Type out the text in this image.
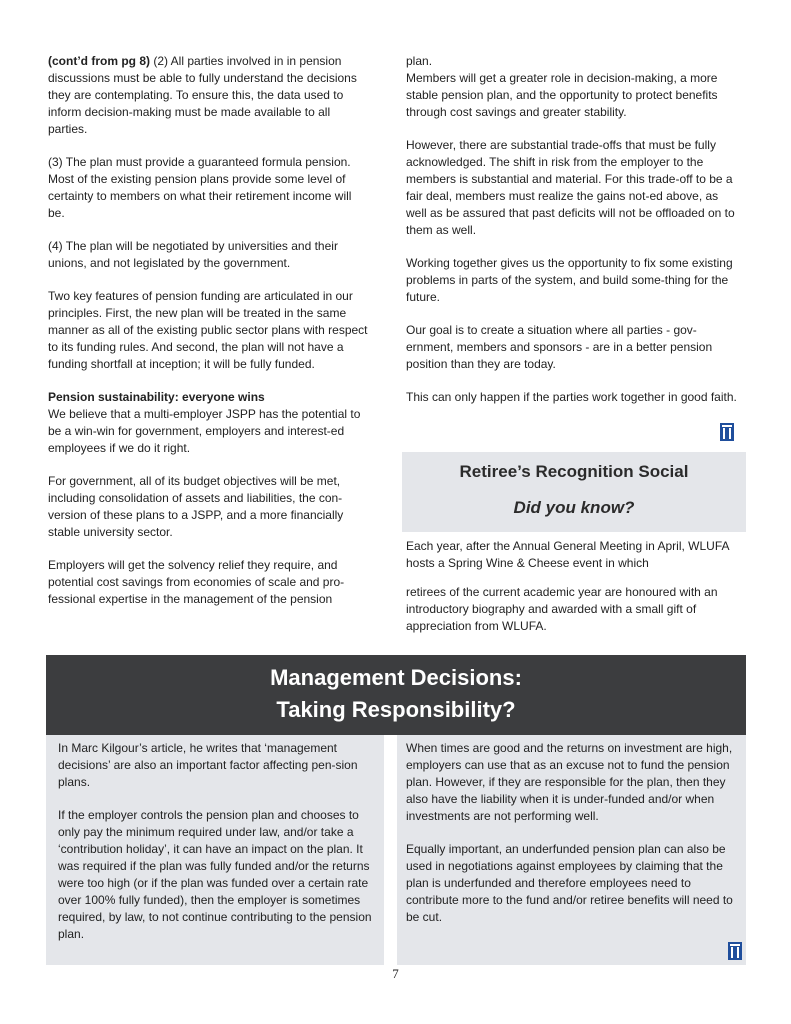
(cont’d from pg 8) (2) All parties involved in in pension discussions must be able to fully understand the decisions they are contemplating. To ensure this, the data used to inform decision-making must be made available to all parties.

(3) The plan must provide a guaranteed formula pension. Most of the existing pension plans provide some level of certainty to members on what their retirement income will be.

(4) The plan will be negotiated by universities and their unions, and not legislated by the government.

Two key features of pension funding are articulated in our principles. First, the new plan will be treated in the same manner as all of the existing public sector plans with respect to its funding rules. And second, the plan will not have a funding shortfall at inception; it will be fully funded.

Pension sustainability: everyone wins

We believe that a multi-employer JSPP has the potential to be a win-win for government, employers and interest-ed employees if we do it right.

For government, all of its budget objectives will be met, including consolidation of assets and liabilities, the con-version of these plans to a JSPP, and a more financially stable university sector.

Employers will get the solvency relief they require, and potential cost savings from economies of scale and pro-fessional expertise in the management of the pension

plan.

Members will get a greater role in decision-making, a more stable pension plan, and the opportunity to protect benefits through cost savings and greater stability.

However, there are substantial trade-offs that must be fully acknowledged. The shift in risk from the employer to the members is substantial and material. For this trade-off to be a fair deal, members must realize the gains not-ed above, as well as be assured that past deficits will not be offloaded on to them as well.

Working together gives us the opportunity to fix some existing problems in parts of the system, and build some-thing for the future.

Our goal is to create a situation where all parties - gov-ernment, members and sponsors - are in a better pension position than they are today.

This can only happen if the parties work together in good faith.

Retiree’s Recognition Social
Did you know?

Each year, after the Annual General Meeting in April, WLUFA hosts a Spring Wine & Cheese event in which

retirees of the current academic year are honoured with an introductory biography and awarded with a small gift of appreciation from WLUFA.

Management Decisions:
Taking Responsibility?

In Marc Kilgour’s article, he writes that ‘management decisions’ are also an important factor affecting pen-sion plans.

If the employer controls the pension plan and chooses to only pay the minimum required under law, and/or take a ‘contribution holiday’, it can have an impact on the plan. It was required if the plan was fully funded and/or the returns were too high (or if the plan was funded over a certain rate over 100% fully funded), then the employer is sometimes required, by law, to not continue contributing to the pension plan.

When times are good and the returns on investment are high, employers can use that as an excuse not to fund the pension plan. However, if they are responsible for the plan, then they also have the liability when it is under-funded and/or when investments are not performing well.

Equally important, an underfunded pension plan can also be used in negotiations against employees by claiming that the plan is underfunded and therefore employees need to contribute more to the fund and/or retiree benefits will need to be cut.

7
